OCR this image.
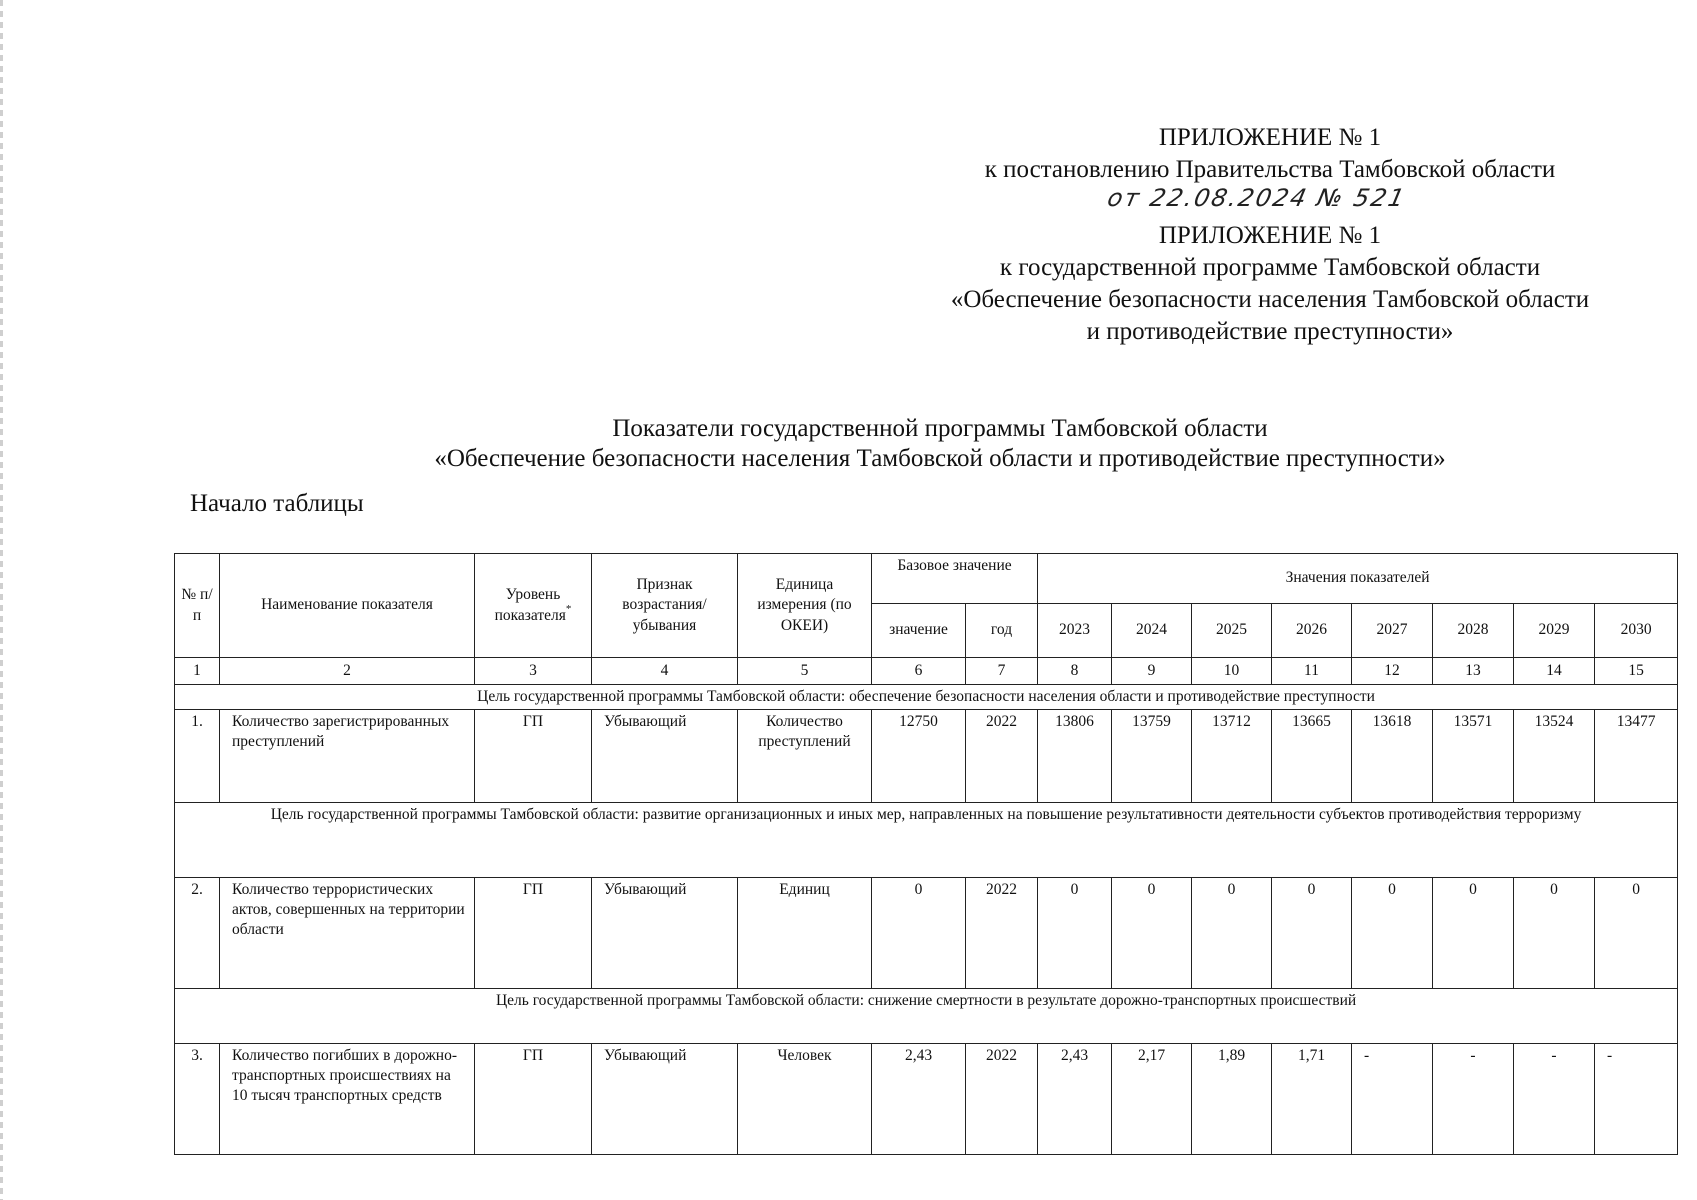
ПРИЛОЖЕНИЕ № 1
к постановлению Правительства Тамбовской области
ПРИЛОЖЕНИЕ № 1
к государственной программе Тамбовской области
«Обеспечение безопасности населения Тамбовской области
и противодействие преступности»
от 22.08.2024 № 521
Показатели государственной программы Тамбовской области
«Обеспечение безопасности населения Тамбовской области и противодействие преступности»
Начало таблицы
№ п/п	Наименование показателя	Уровень показателя*	Признак возрастания/ убывания	Единица измерения (по ОКЕИ)	Базовое значение		Значения показателей							
					значение	год	2023	2024	2025	2026	2027	2028	2029	2030
1	2	3	4	5	6	7	8	9	10	11	12	13	14	15
Цель государственной программы Тамбовской области: обеспечение безопасности населения области и противодействие преступности														
1.	Количество зарегистрированных преступлений	ГП	Убывающий	Количество преступлений	12750	2022	13806	13759	13712	13665	13618	13571	13524	13477
Цель государственной программы Тамбовской области: развитие организационных и иных мер, направленных на повышение результативности деятельности субъектов противодействия терроризму														
2.	Количество террористических актов, совершенных на территории области	ГП	Убывающий	Единиц	0	2022	0	0	0	0	0	0	0	0
Цель государственной программы Тамбовской области: снижение смертности в результате дорожно-транспортных происшествий														
3.	Количество погибших в дорожно-транспортных происшествиях на 10 тысяч транспортных средств	ГП	Убывающий	Человек	2,43	2022	2,43	2,17	1,89	1,71	-	-	-	-
